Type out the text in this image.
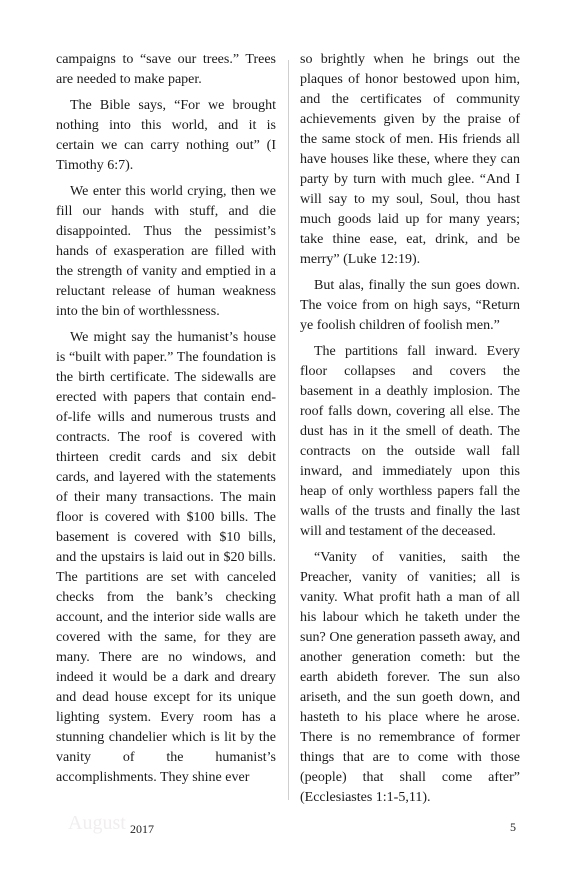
campaigns to “save our trees.” Trees are needed to make paper.

The Bible says, “For we brought nothing into this world, and it is certain we can carry nothing out” (I Timothy 6:7).

We enter this world crying, then we fill our hands with stuff, and die disappointed. Thus the pessimist’s hands of exasperation are filled with the strength of vanity and emptied in a reluctant release of human weakness into the bin of worthlessness.

We might say the humanist’s house is “built with paper.” The foundation is the birth certificate. The sidewalls are erected with papers that contain end-of-life wills and numerous trusts and contracts. The roof is covered with thirteen credit cards and six debit cards, and layered with the statements of their many transactions. The main floor is covered with $100 bills. The basement is covered with $10 bills, and the upstairs is laid out in $20 bills. The partitions are set with canceled checks from the bank’s checking account, and the interior side walls are covered with the same, for they are many. There are no windows, and indeed it would be a dark and dreary and dead house except for its unique lighting system. Every room has a stunning chandelier which is lit by the vanity of the humanist’s accomplishments. They shine ever

so brightly when he brings out the plaques of honor bestowed upon him, and the certificates of community achievements given by the praise of the same stock of men. His friends all have houses like these, where they can party by turn with much glee. “And I will say to my soul, Soul, thou hast much goods laid up for many years; take thine ease, eat, drink, and be merry” (Luke 12:19).

But alas, finally the sun goes down. The voice from on high says, “Return ye foolish children of foolish men.”

The partitions fall inward. Every floor collapses and covers the basement in a deathly implosion. The roof falls down, covering all else. The dust has in it the smell of death. The contracts on the outside wall fall inward, and immediately upon this heap of only worthless papers fall the walls of the trusts and finally the last will and testament of the deceased.

“Vanity of vanities, saith the Preacher, vanity of vanities; all is vanity. What profit hath a man of all his labour which he taketh under the sun? One generation passeth away, and another generation cometh: but the earth abideth forever. The sun also ariseth, and the sun goeth down, and hasteth to his place where he arose. There is no remembrance of former things that are to come with those (people) that shall come after” (Ecclesiastes 1:1-5,11).

August 2017	5
